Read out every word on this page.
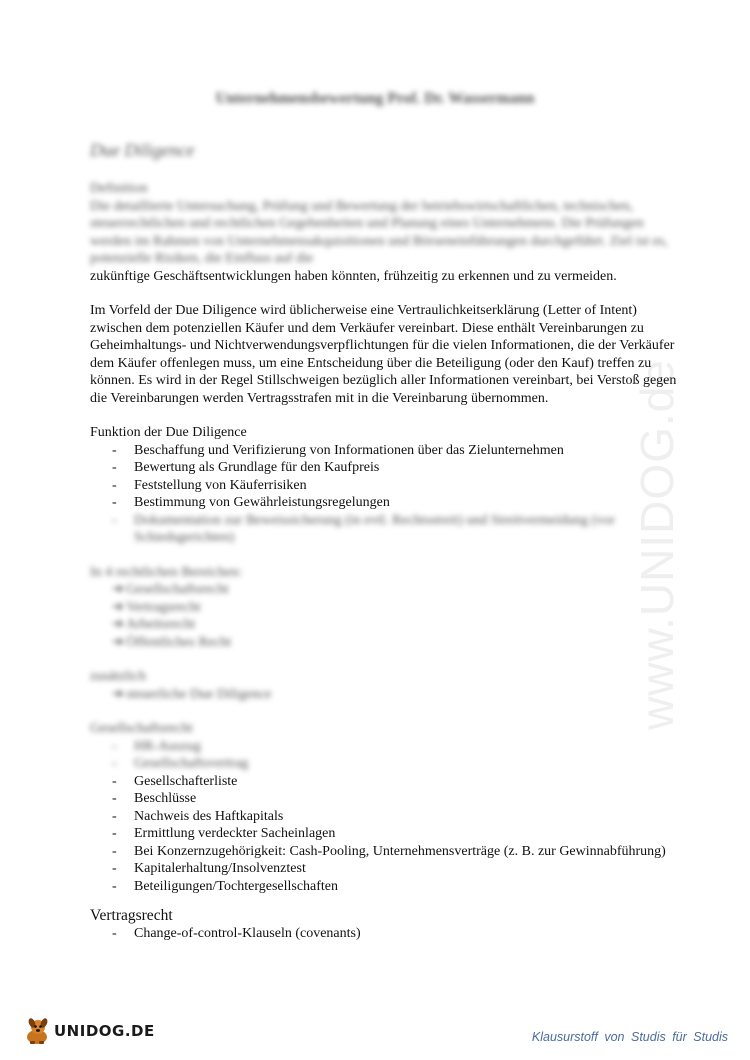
www.UNIDOG.de
Unternehmensbewertung Prof. Dr. Wassermann
Due Diligence
Definition
Die detaillierte Untersuchung, Prüfung und Bewertung der betriebswirtschaftlichen, technischen, steuerrechtlichen und rechtlichen Gegebenheiten und Planung eines Unternehmens. Die Prüfungen werden im Rahmen von Unternehmensakquisitionen und Börseneinführungen durchgeführt. Ziel ist es, potenzielle Risiken, die Einfluss auf die
zukünftige Geschäftsentwicklungen haben könnten, frühzeitig zu erkennen und zu vermeiden.
Im Vorfeld der Due Diligence wird üblicherweise eine Vertraulichkeitserklärung (Letter of Intent) zwischen dem potenziellen Käufer und dem Verkäufer vereinbart. Diese enthält Vereinbarungen zu Geheimhaltungs- und Nichtverwendungsverpflichtungen für die vielen Informationen, die der Verkäufer dem Käufer offenlegen muss, um eine Entscheidung über die Beteiligung (oder den Kauf) treffen zu können. Es wird in der Regel Stillschweigen bezüglich aller Informationen vereinbart, bei Verstoß gegen die Vereinbarungen werden Vertragsstrafen mit in die Vereinbarung übernommen.
Funktion der Due Diligence
- Beschaffung und Verifizierung von Informationen über das Zielunternehmen
- Bewertung als Grundlage für den Kaufpreis
- Feststellung von Käuferrisiken
- Bestimmung von Gewährleistungsregelungen
- Dokumentation zur Beweissicherung (in evtl. Rechtsstreit) und Streitvermeidung (vor Schiedsgerichten)
In 4 rechtlichen Bereichen:
➔ Gesellschaftsrecht
➔ Vertragsrecht
➔ Arbeitsrecht
➔ Öffentliches Recht
zusätzlich
➔ steuerliche Due Diligence
Gesellschaftsrecht
- HR-Auszug
- Gesellschaftsvertrag
- Gesellschafterliste
- Beschlüsse
- Nachweis des Haftkapitals
- Ermittlung verdeckter Sacheinlagen
- Bei Konzernzugehörigkeit: Cash-Pooling, Unternehmensverträge (z. B. zur Gewinnabführung)
- Kapitalerhaltung/Insolvenztest
- Beteiligungen/Tochtergesellschaften
Vertragsrecht
- Change-of-control-Klauseln (covenants)
UNIDOG.DE	Klausurstoff von Studis für Studis
